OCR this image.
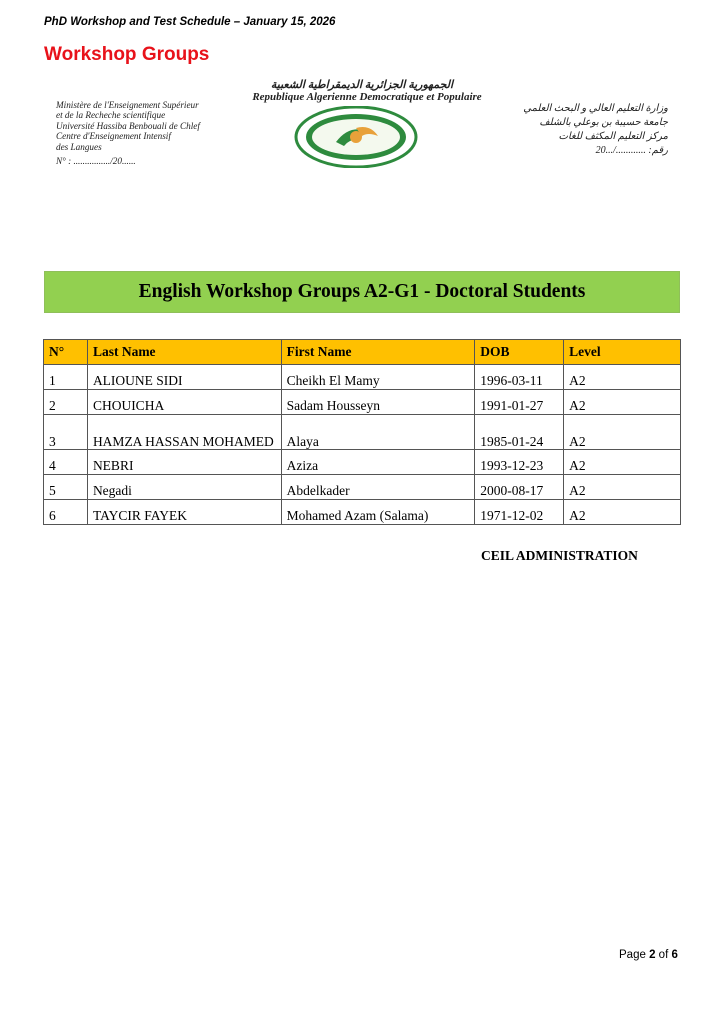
PhD Workshop and Test Schedule – January 15, 2026
Workshop Groups
الجمهورية الجزائرية الديمقراطية الشعبية
Republique Algerienne Democratique et Populaire
Ministère de l'Enseignement Supérieur
et de la Recheche scientifique
Université Hassiba Benbouali de Chlef
Centre d'Enseignement Intensif
des Langues
N° : ................/20......
وزارة التعليم العالي و البحث العلمي
جامعة حسيبة بن بوعلي بالشلف
مركز التعليم المكثف للغات
رقم: ............/...20
English Workshop Groups A2-G1 - Doctoral Students
N°	Last Name	First Name	DOB	Level
1	ALIOUNE SIDI	Cheikh El Mamy	1996-03-11	A2
2	CHOUICHA	Sadam Housseyn	1991-01-27	A2
3	HAMZA HASSAN MOHAMED	Alaya	1985-01-24	A2
4	NEBRI	Aziza	1993-12-23	A2
5	Negadi	Abdelkader	2000-08-17	A2
6	TAYCIR FAYEK	Mohamed Azam (Salama)	1971-12-02	A2
CEIL ADMINISTRATION
Page 2 of 6
